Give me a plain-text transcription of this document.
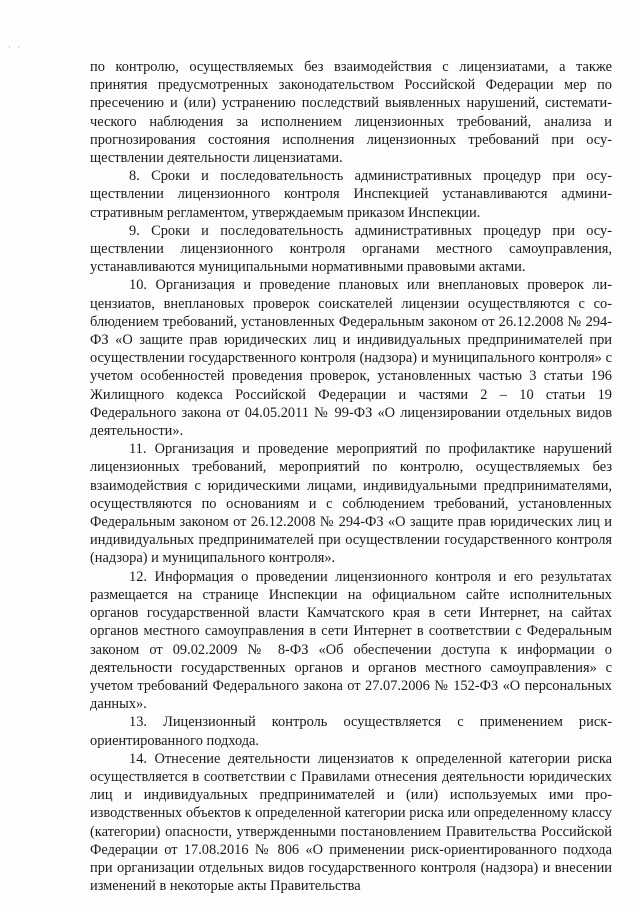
· ·

по контролю, осуществляемых без взаимодействия с лицензиатами, а также принятия предусмотренных законодательством Российской Федерации мер по пресечению и (или) устранению последствий выявленных нарушений, систематического наблюдения за исполнением лицензионных требований, анализа и прогнозирования состояния исполнения лицензионных требований при осуществлении деятельности лицензиатами.

8. Сроки и последовательность административных процедур при осуществлении лицензионного контроля Инспекцией устанавливаются административным регламентом, утверждаемым приказом Инспекции.

9. Сроки и последовательность административных процедур при осуществлении лицензионного контроля органами местного самоуправления, устанавливаются муниципальными нормативными правовыми актами.

10. Организация и проведение плановых или внеплановых проверок лицензиатов, внеплановых проверок соискателей лицензии осуществляются с соблюдением требований, установленных Федеральным законом от 26.12.2008 № 294-ФЗ «О защите прав юридических лиц и индивидуальных предпринимателей при осуществлении государственного контроля (надзора) и муниципального контроля» с учетом особенностей проведения проверок, установленных частью 3 статьи 196 Жилищного кодекса Российской Федерации и частями 2 – 10 статьи 19 Федерального закона от 04.05.2011 № 99-ФЗ «О лицензировании отдельных видов деятельности».

11. Организация и проведение мероприятий по профилактике нарушений лицензионных требований, мероприятий по контролю, осуществляемых без взаимодействия с юридическими лицами, индивидуальными предпринимателями, осуществляются по основаниям и с соблюдением требований, установленных Федеральным законом от 26.12.2008 № 294-ФЗ «О защите прав юридических лиц и индивидуальных предпринимателей при осуществлении государственного контроля (надзора) и муниципального контроля».

12. Информация о проведении лицензионного контроля и его результатах размещается на странице Инспекции на официальном сайте исполнительных органов государственной власти Камчатского края в сети Интернет, на сайтах органов местного самоуправления в сети Интернет в соответствии с Федеральным законом от 09.02.2009 № 8-ФЗ «Об обеспечении доступа к информации о деятельности государственных органов и органов местного самоуправления» с учетом требований Федерального закона от 27.07.2006 № 152-ФЗ «О персональных данных».

13. Лицензионный контроль осуществляется с применением риск-ориентированного подхода.

14. Отнесение деятельности лицензиатов к определенной категории риска осуществляется в соответствии с Правилами отнесения деятельности юридических лиц и индивидуальных предпринимателей и (или) используемых ими производственных объектов к определенной категории риска или определенному классу (категории) опасности, утвержденными постановлением Правительства Российской Федерации от 17.08.2016 № 806 «О применении риск-ориентированного подхода при организации отдельных видов государственного контроля (надзора) и внесении изменений в некоторые акты Правительства
